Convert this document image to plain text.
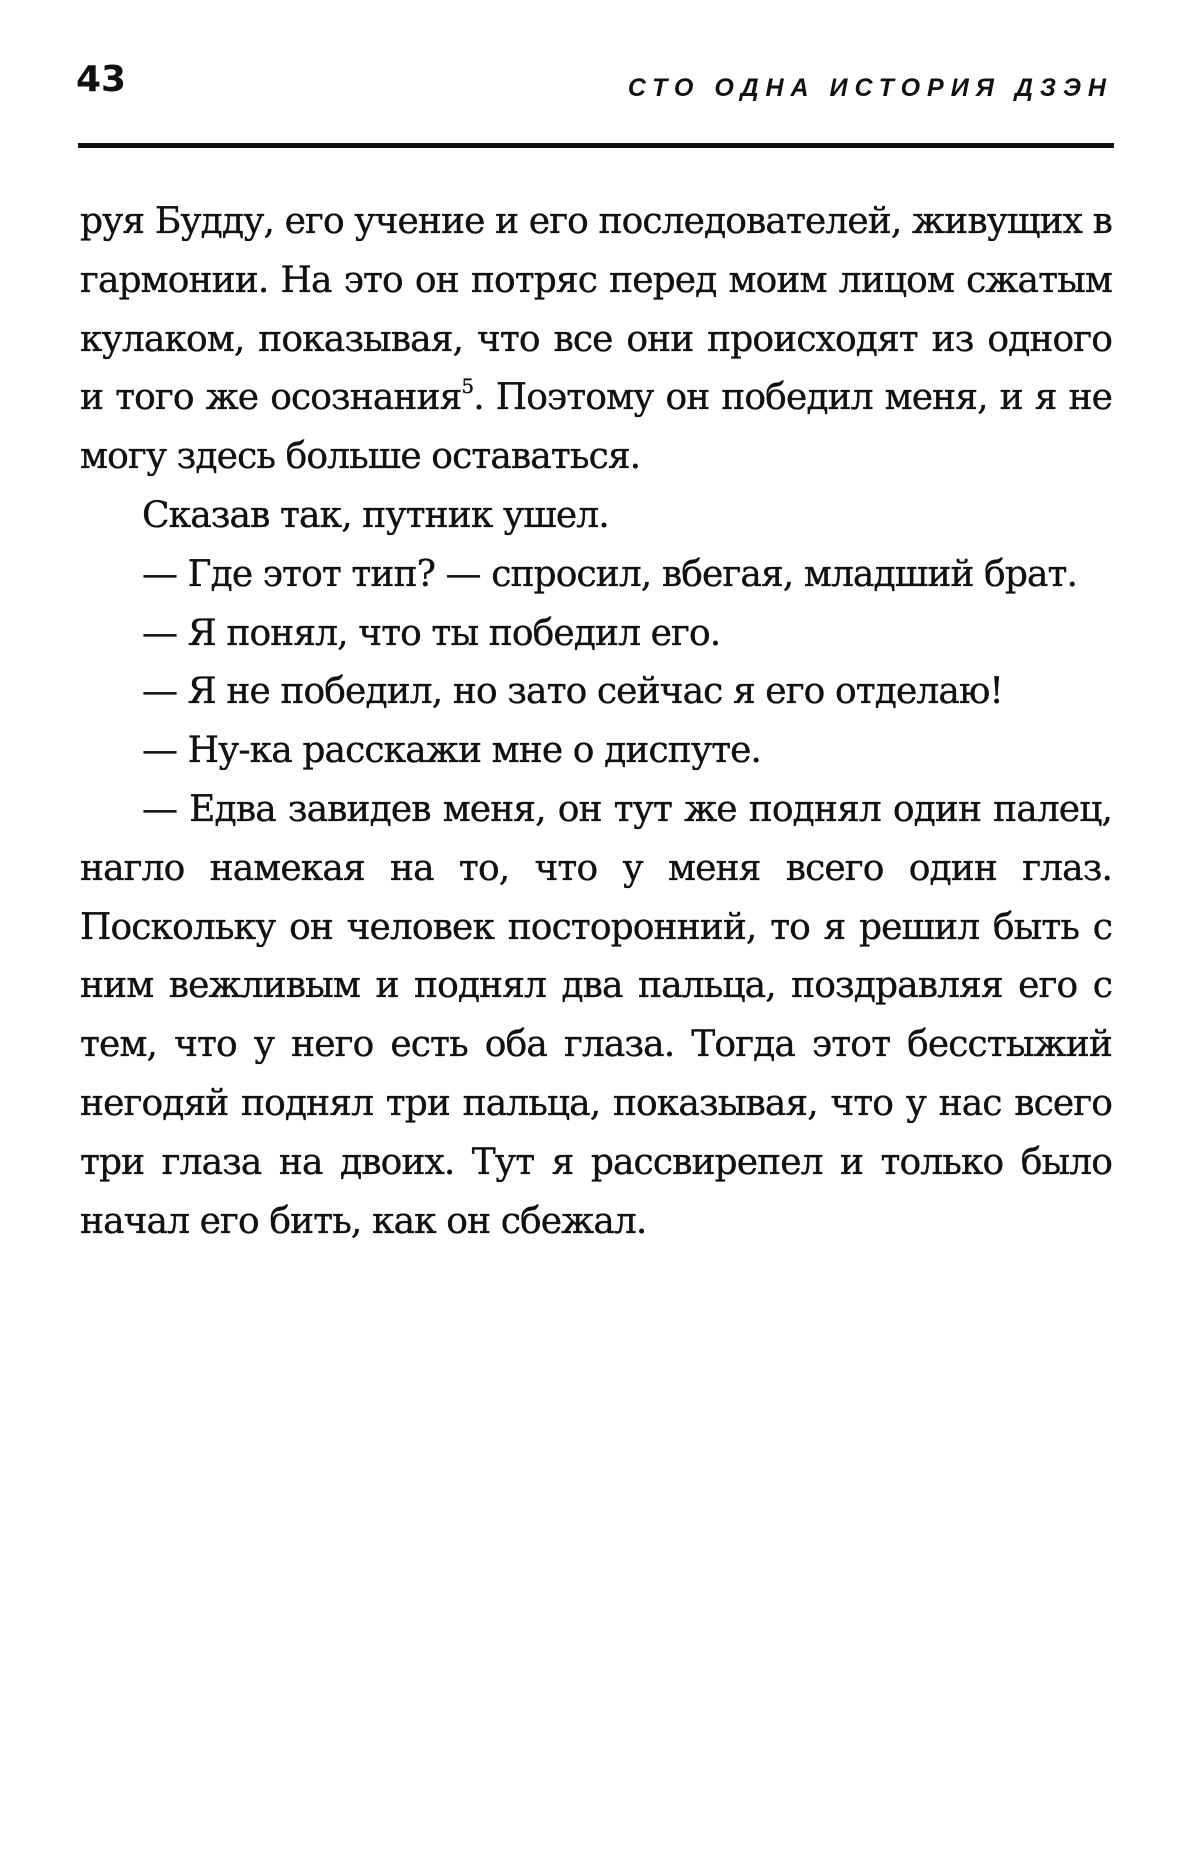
43	СТО ОДНА ИСТОРИЯ ДЗЭН

руя Будду, его учение и его последователей, живущих в гармонии. На это он потряс перед моим лицом сжатым кулаком, показывая, что все они происходят из одного и того же осознания$^5$. Поэтому он победил меня, и я не могу здесь больше оставаться.

Сказав так, путник ушел.

— Где этот тип? — спросил, вбегая, младший брат.

— Я понял, что ты победил его.

— Я не победил, но зато сейчас я его отделаю!

— Ну-ка расскажи мне о диспуте.

— Едва завидев меня, он тут же поднял один палец, нагло намекая на то, что у меня всего один глаз. Поскольку он человек посторонний, то я решил быть с ним вежливым и поднял два пальца, поздравляя его с тем, что у него есть оба глаза. Тогда этот бесстыжий негодяй поднял три пальца, показывая, что у нас всего три глаза на двоих. Тут я рассвирепел и только было начал его бить, как он сбежал.
